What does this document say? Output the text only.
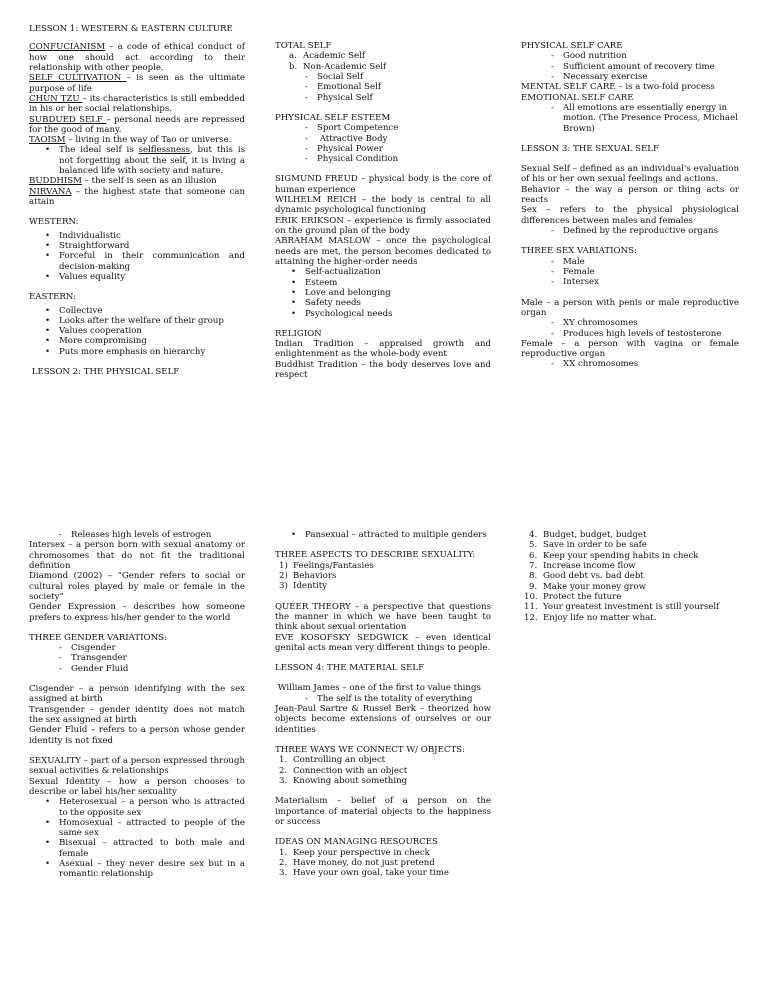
LESSON 1: WESTERN & EASTERN CULTURE

CONFUCIANISM – a code of ethical conduct of how one should act according to their relationship with other people.

SELF CULTIVATION – is seen as the ultimate purpose of life

CHUN TZU – its characteristics is still embedded in his or her social relationships.

SUBDUED SELF – personal needs are repressed for the good of many.

TAOISM – living in the way of Tao or universe.

• The ideal self is selflessness, but this is not forgetting about the self, it is living a balanced life with society and nature.

BUDDHISM – the self is seen as an illusion

NIRVANA – the highest state that someone can attain

WESTERN:

• Individualistic
• Straightforward
• Forceful in their communication and decision-making
• Values equality

EASTERN:

• Collective
• Looks after the welfare of their group
• Values cooperation
• More compromising
• Puts more emphasis on hierarchy

LESSON 2: THE PHYSICAL SELF

TOTAL SELF

a. Academic Self
b. Non-Academic Self
- Social Self
- Emotional Self
- Physical Self

PHYSICAL SELF ESTEEM

- Sport Competence
-  Attractive Body
- Physical Power
- Physical Condition

SIGMUND FREUD – physical body is the core of human experience

WILHELM REICH – the body is central to all dynamic psychological functioning

ERIK ERIKSON – experience is firmly associated on the ground plan of the body

ABRAHAM MASLOW – once the psychological needs are met, the person becomes dedicated to attaining the higher-order needs

• Self-actualization
• Esteem
• Love and belonging
• Safety needs
• Psychological needs

RELIGION

Indian Tradition – appraised growth and enlightenment as the whole-body event

Buddhist Tradition – the body deserves love and respect

PHYSICAL SELF CARE

- Good nutrition
- Sufficient amount of recovery time
- Necessary exercise

MENTAL SELF CARE – is a two-fold process

EMOTIONAL SELF CARE

- All emotions are essentially energy in motion. (The Presence Process, Michael Brown)

LESSON 3: THE SEXUAL SELF

Sexual Self – defined as an individual's evaluation of his or her own sexual feelings and actions.

Behavior – the way a person or thing acts or reacts

Sex – refers to the physical physiological differences between males and females

- Defined by the reproductive organs

THREE SEX VARIATIONS:

- Male
- Female
- Intersex

Male – a person with penis or male reproductive organ

- XY chromosomes
- Produces high levels of testosterone

Female – a person with vagina or female reproductive organ

- XX chromosomes
- Releases high levels of estrogen

Intersex – a person born with sexual anatomy or chromosomes that do not fit the traditional definition

Diamond (2002) – “Gender refers to social or cultural roles played by male or female in the society”

Gender Expression – describes how someone prefers to express his/her gender to the world

THREE GENDER VARIATIONS:

- Cisgender
- Transgender
- Gender Fluid

Cisgender – a person identifying with the sex assigned at birth

Transgender – gender identity does not match the sex assigned at birth

Gender Fluid – refers to a person whose gender identity is not fixed

SEXUALITY – part of a person expressed through sexual activities & relationships

Sexual Identity – how a person chooses to describe or label his/her sexuality

• Heterosexual – a person who is attracted to the opposite sex
• Homosexual – attracted to people of the same sex
• Bisexual – attracted to both male and female
• Asexual – they never desire sex but in a romantic relationship
• Pansexual – attracted to multiple genders

THREE ASPECTS TO DESCRIBE SEXUALITY:

1) Feelings/Fantasies
2) Behaviors
3) Identity

QUEER THEORY – a perspective that questions the manner in which we have been taught to think about sexual orientation

EVE KOSOFSKY SEDGWICK – even identical genital acts mean very different things to people.

LESSON 4: THE MATERIAL SELF

William James – one of the first to value things

- The self is the totality of everything

Jean-Paul Sartre & Russel Berk – theorized how objects become extensions of ourselves or our identities

THREE WAYS WE CONNECT W/ OBJECTS:

1. Controlling an object
2. Connection with an object
3. Knowing about something

Materialism – belief of a person on the importance of material objects to the happiness or success

IDEAS ON MANAGING RESOURCES

1. Keep your perspective in check
2. Have money, do not just pretend
3. Have your own goal, take your time
4. Budget, budget, budget
5. Save in order to be safe
6. Keep your spending habits in check
7. Increase income flow
8. Good debt vs. bad debt
9. Make your money grow
10. Protect the future
11. Your greatest investment is still yourself
12. Enjoy life no matter what.
